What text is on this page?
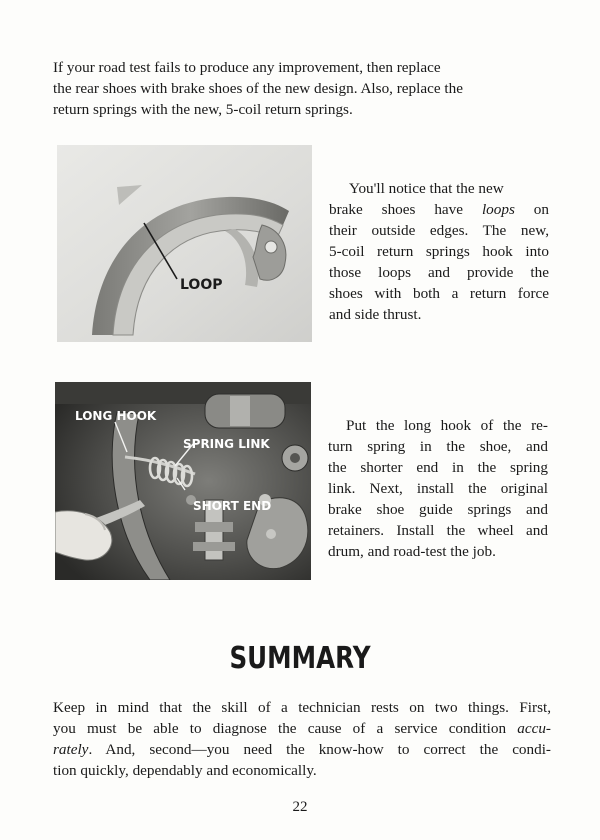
If your road test fails to produce any improvement, then replace
the rear shoes with brake shoes of the new design. Also, replace the
return springs with the new, 5-coil return springs.

LOOP

You'll notice that the new
brake shoes have loops on
their outside edges. The new,
5-coil return springs hook into
those loops and provide the
shoes with both a return force
and side thrust.

LONG HOOK
SPRING LINK
SHORT END

Put the long hook of the re-
turn spring in the shoe, and
the shorter end in the spring
link. Next, install the original
brake shoe guide springs and
retainers. Install the wheel and
drum, and road-test the job.

SUMMARY

Keep in mind that the skill of a technician rests on two things. First,
you must be able to diagnose the cause of a service condition accu-
rately. And, second—you need the know-how to correct the condi-
tion quickly, dependably and economically.

22
